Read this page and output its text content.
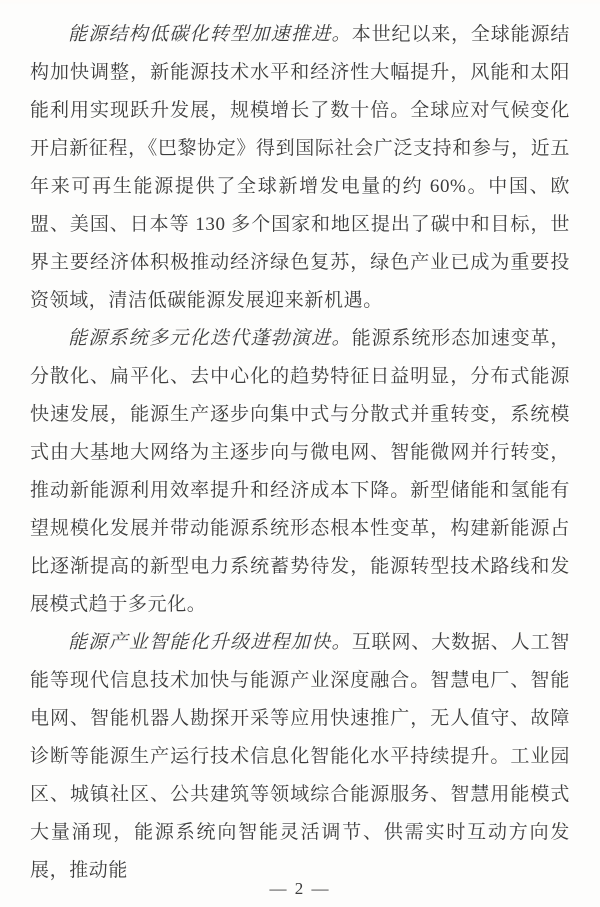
能源结构低碳化转型加速推进。本世纪以来，全球能源结构加快调整，新能源技术水平和经济性大幅提升，风能和太阳能利用实现跃升发展，规模增长了数十倍。全球应对气候变化开启新征程，《巴黎协定》得到国际社会广泛支持和参与，近五年来可再生能源提供了全球新增发电量的约 60%。中国、欧盟、美国、日本等 130 多个国家和地区提出了碳中和目标，世界主要经济体积极推动经济绿色复苏，绿色产业已成为重要投资领域，清洁低碳能源发展迎来新机遇。

能源系统多元化迭代蓬勃演进。能源系统形态加速变革，分散化、扁平化、去中心化的趋势特征日益明显，分布式能源快速发展，能源生产逐步向集中式与分散式并重转变，系统模式由大基地大网络为主逐步向与微电网、智能微网并行转变，推动新能源利用效率提升和经济成本下降。新型储能和氢能有望规模化发展并带动能源系统形态根本性变革，构建新能源占比逐渐提高的新型电力系统蓄势待发，能源转型技术路线和发展模式趋于多元化。

能源产业智能化升级进程加快。互联网、大数据、人工智能等现代信息技术加快与能源产业深度融合。智慧电厂、智能电网、智能机器人勘探开采等应用快速推广，无人值守、故障诊断等能源生产运行技术信息化智能化水平持续提升。工业园区、城镇社区、公共建筑等领域综合能源服务、智慧用能模式大量涌现，能源系统向智能灵活调节、供需实时互动方向发展，推动能

— 2 —
